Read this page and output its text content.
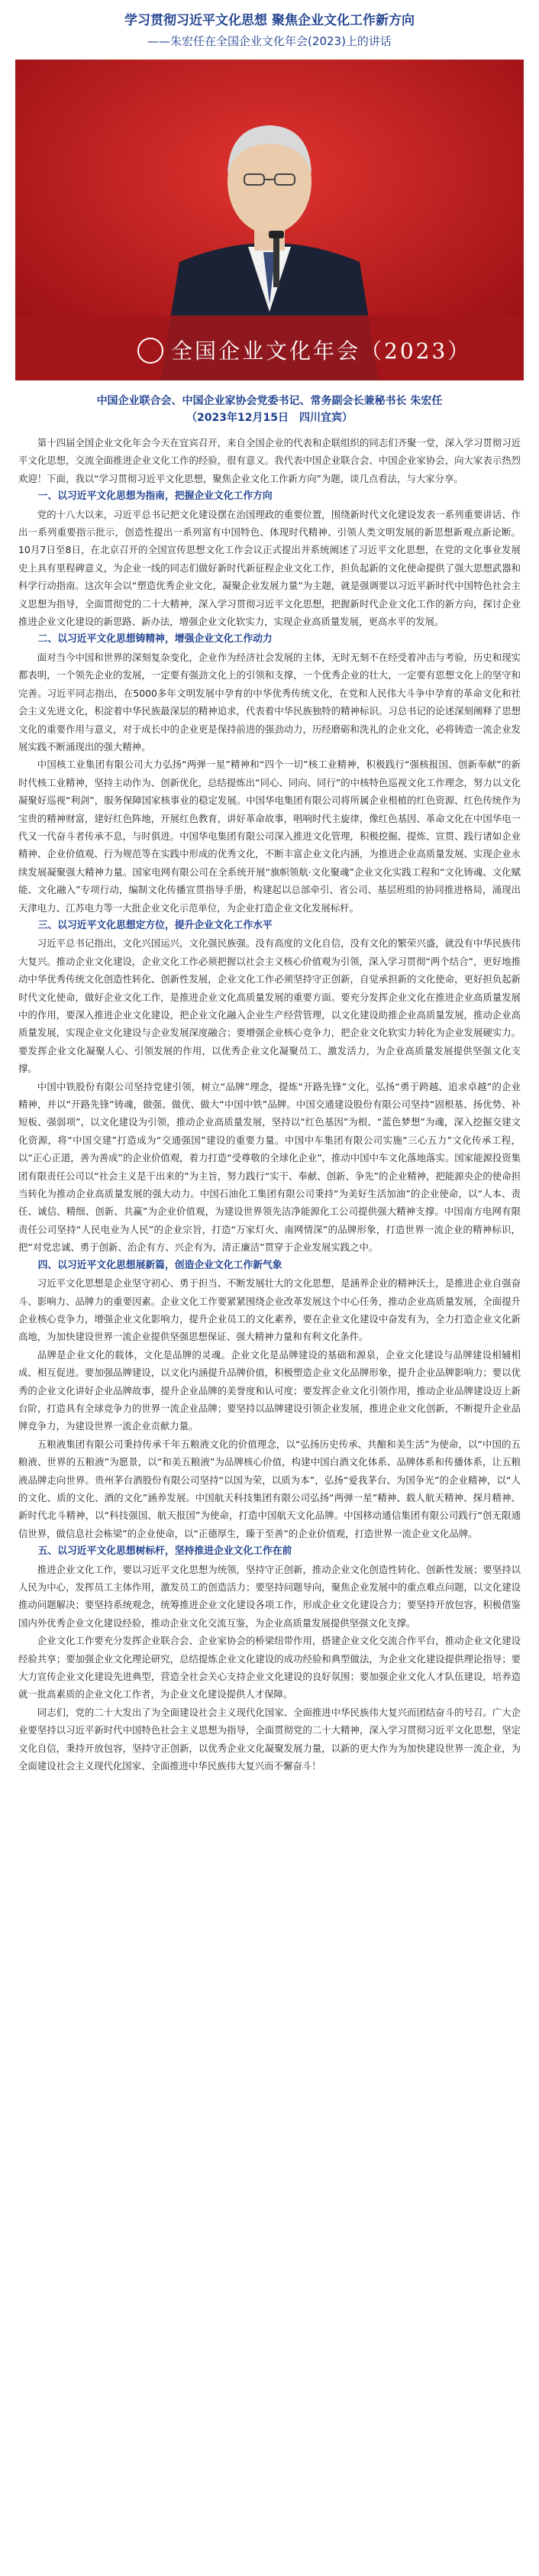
学习贯彻习近平文化思想 聚焦企业文化工作新方向
——朱宏任在全国企业文化年会(2023)上的讲话
全国企业文化年会（2023）
中国企业联合会、中国企业家协会党委书记、常务副会长兼秘书长 朱宏任
（2023年12月15日　四川宜宾）

第十四届全国企业文化年会今天在宜宾召开，来自全国企业的代表和企联组织的同志们齐聚一堂，深入学习贯彻习近平文化思想，交流全面推进企业文化工作的经验，很有意义。我代表中国企业联合会、中国企业家协会，向大家表示热烈欢迎！下面，我以“学习贯彻习近平文化思想，聚焦企业文化工作新方向”为题，谈几点看法，与大家分享。

一、以习近平文化思想为指南，把握企业文化工作方向

党的十八大以来，习近平总书记把文化建设摆在治国理政的重要位置，围绕新时代文化建设发表一系列重要讲话、作出一系列重要指示批示，创造性提出一系列富有中国特色、体现时代精神、引领人类文明发展的新思想新观点新论断。10月7日至8日，在北京召开的全国宣传思想文化工作会议正式提出并系统阐述了习近平文化思想，在党的文化事业发展史上具有里程碑意义，为企业一线的同志们做好新时代新征程企业文化工作，担负起新的文化使命提供了强大思想武器和科学行动指南。这次年会以“塑造优秀企业文化，凝聚企业发展力量”为主题，就是强调要以习近平新时代中国特色社会主义思想为指导，全面贯彻党的二十大精神，深入学习贯彻习近平文化思想，把握新时代企业文化工作的新方向，探讨企业推进企业文化建设的新思路、新办法，增强企业文化软实力，实现企业高质量发展，更高水平的发展。

二、以习近平文化思想铸精神，增强企业文化工作动力

面对当今中国和世界的深刻复杂变化，企业作为经济社会发展的主体，无时无刻不在经受着冲击与考验，历史和现实都表明，一个领先企业的发展，一定要有强劲文化上的引领和支撑，一个优秀企业的壮大，一定要有思想文化上的坚守和完善。习近平同志指出，在5000多年文明发展中孕育的中华优秀传统文化，在党和人民伟大斗争中孕育的革命文化和社会主义先进文化，积淀着中华民族最深层的精神追求，代表着中华民族独特的精神标识。习总书记的论述深刻阐释了思想文化的重要作用与意义，对于成长中的企业更是保持前进的强劲动力，历经磨砺和洗礼的企业文化，必将铸造一流企业发展实践不断涌现出的强大精神。

中国核工业集团有限公司大力弘扬“两弹一星”精神和“四个一切”核工业精神，积极践行“强核报国、创新奉献”的新时代核工业精神，坚持主动作为、创新优化，总结提炼出“同心、同向、同行”的中核特色巡视文化工作理念，努力以文化凝聚好巡视“利剑”，服务保障国家核事业的稳定发展。中国华电集团有限公司将所属企业根植的红色资源、红色传统作为宝贵的精神财富，建好红色阵地，开展红色教育，讲好革命故事，唱响时代主旋律，像红色基因、革命文化在中国华电一代又一代奋斗者传承不息，与时俱进。中国华电集团有限公司深入推进文化管理，积极挖掘、提炼、宣贯、践行诸如企业精神、企业价值观、行为规范等在实践中形成的优秀文化，不断丰富企业文化内涵，为推进企业高质量发展、实现企业永续发展凝聚强大精神力量。国家电网有限公司在全系统开展“旗帜领航·文化聚魂”企业文化实践工程和“文化铸魂、文化赋能、文化融入”专项行动，编制文化传播宣贯指导手册，构建起以总部牵引、省公司、基层班组的协同推进格局，涌现出天津电力、江苏电力等一大批企业文化示范单位，为企业打造企业文化发展标杆。

三、以习近平文化思想定方位，提升企业文化工作水平

习近平总书记指出，文化兴国运兴，文化强民族强。没有高度的文化自信，没有文化的繁荣兴盛，就没有中华民族伟大复兴。推动企业文化建设，企业文化工作必须把握以社会主义核心价值观为引领，深入学习贯彻“两个结合”，更好地推动中华优秀传统文化创造性转化、创新性发展，企业文化工作必须坚持守正创新，自觉承担新的文化使命，更好担负起新时代文化使命，做好企业文化工作，是推进企业文化高质量发展的重要方面。要充分发挥企业文化在推进企业高质量发展中的作用，要深入推进企业文化建设，把企业文化融入企业生产经营管理，以文化建设助推企业高质量发展，推动企业高质量发展，实现企业文化建设与企业发展深度融合；要增强企业核心竞争力，把企业文化软实力转化为企业发展硬实力。要发挥企业文化凝聚人心、引领发展的作用，以优秀企业文化凝聚员工、激发活力，为企业高质量发展提供坚强文化支撑。

中国中铁股份有限公司坚持党建引领，树立“品牌”理念，提炼“开路先锋”文化，弘扬“勇于跨越、追求卓越”的企业精神，并以“开路先锋”铸魂，做强、做优、做大“中国中铁”品牌。中国交通建设股份有限公司坚持“固根基、扬优势、补短板、强弱项”，以文化建设为引领，推动企业高质量发展，坚持以“红色基因”为根、“蓝色梦想”为魂，深入挖掘交建文化资源，将“中国交建”打造成为“交通强国”建设的重要力量。中国中车集团有限公司实施“三心五力”文化传承工程，以“正心正道，善为善成”的企业价值观，着力打造“受尊敬的全球化企业”，推动中国中车文化落地落实。国家能源投资集团有限责任公司以“社会主义是干出来的”为主旨，努力践行“实干、奉献、创新、争先”的企业精神，把能源央企的使命担当转化为推动企业高质量发展的强大动力。中国石油化工集团有限公司秉持“为美好生活加油”的企业使命，以“人本、责任、诚信、精细、创新、共赢”为企业价值观，为建设世界领先洁净能源化工公司提供强大精神支撑。中国南方电网有限责任公司坚持“人民电业为人民”的企业宗旨，打造“万家灯火、南网情深”的品牌形象，打造世界一流企业的精神标识，把“对党忠诚、勇于创新、治企有方、兴企有为、清正廉洁”贯穿于企业发展实践之中。

四、以习近平文化思想展新篇，创造企业文化工作新气象

习近平文化思想是企业坚守初心、勇于担当、不断发展壮大的文化思想，是涵养企业的精神沃土，是推进企业自强奋斗、影响力、品牌力的重要因素。企业文化工作要紧紧围绕企业改革发展这个中心任务，推动企业高质量发展，全面提升企业核心竞争力，增强企业文化影响力，提升企业员工的文化素养，要在企业文化建设中奋发有为，全力打造企业文化新高地，为加快建设世界一流企业提供坚强思想保证、强大精神力量和有利文化条件。

品牌是企业文化的载体，文化是品牌的灵魂。企业文化是品牌建设的基础和源泉，企业文化建设与品牌建设相辅相成、相互促进。要加强品牌建设，以文化内涵提升品牌价值，积极塑造企业文化品牌形象，提升企业品牌影响力；要以优秀的企业文化讲好企业品牌故事，提升企业品牌的美誉度和认可度；要发挥企业文化引领作用，推动企业品牌建设迈上新台阶，打造具有全球竞争力的世界一流企业品牌；要坚持以品牌建设引领企业发展，推进企业文化创新，不断提升企业品牌竞争力，为建设世界一流企业贡献力量。

五粮液集团有限公司秉持传承千年五粮液文化的价值理念，以“弘扬历史传承、共酿和美生活”为使命，以“中国的五粮液、世界的五粮液”为愿景，以“和美五粮液”为品牌核心价值，构建中国白酒文化体系、品牌体系和传播体系，让五粮液品牌走向世界。贵州茅台酒股份有限公司坚持“以国为荣，以质为本”，弘扬“爱我茅台、为国争光”的企业精神，以“人的文化、质的文化、酒的文化”涵养发展。中国航天科技集团有限公司弘扬“两弹一星”精神、载人航天精神、探月精神、新时代北斗精神，以“科技强国、航天报国”为使命，打造中国航天文化品牌。中国移动通信集团有限公司践行“创无限通信世界，做信息社会栋梁”的企业使命，以“正德厚生，臻于至善”的企业价值观，打造世界一流企业文化品牌。

五、以习近平文化思想树标杆，坚持推进企业文化工作在前

推进企业文化工作，要以习近平文化思想为统领，坚持守正创新，推动企业文化创造性转化、创新性发展；要坚持以人民为中心，发挥员工主体作用，激发员工的创造活力；要坚持问题导向，聚焦企业发展中的重点难点问题，以文化建设推动问题解决；要坚持系统观念，统筹推进企业文化建设各项工作，形成企业文化建设合力；要坚持开放包容，积极借鉴国内外优秀企业文化建设经验，推动企业文化交流互鉴，为企业高质量发展提供坚强文化支撑。

企业文化工作要充分发挥企业联合会、企业家协会的桥梁纽带作用，搭建企业文化交流合作平台，推动企业文化建设经验共享；要加强企业文化理论研究，总结提炼企业文化建设的成功经验和典型做法，为企业文化建设提供理论指导；要大力宣传企业文化建设先进典型，营造全社会关心支持企业文化建设的良好氛围；要加强企业文化人才队伍建设，培养造就一批高素质的企业文化工作者，为企业文化建设提供人才保障。

同志们，党的二十大发出了为全面建设社会主义现代化国家、全面推进中华民族伟大复兴而团结奋斗的号召。广大企业要坚持以习近平新时代中国特色社会主义思想为指导，全面贯彻党的二十大精神，深入学习贯彻习近平文化思想，坚定文化自信，秉持开放包容，坚持守正创新，以优秀企业文化凝聚发展力量，以新的更大作为为加快建设世界一流企业，为全面建设社会主义现代化国家、全面推进中华民族伟大复兴而不懈奋斗！
